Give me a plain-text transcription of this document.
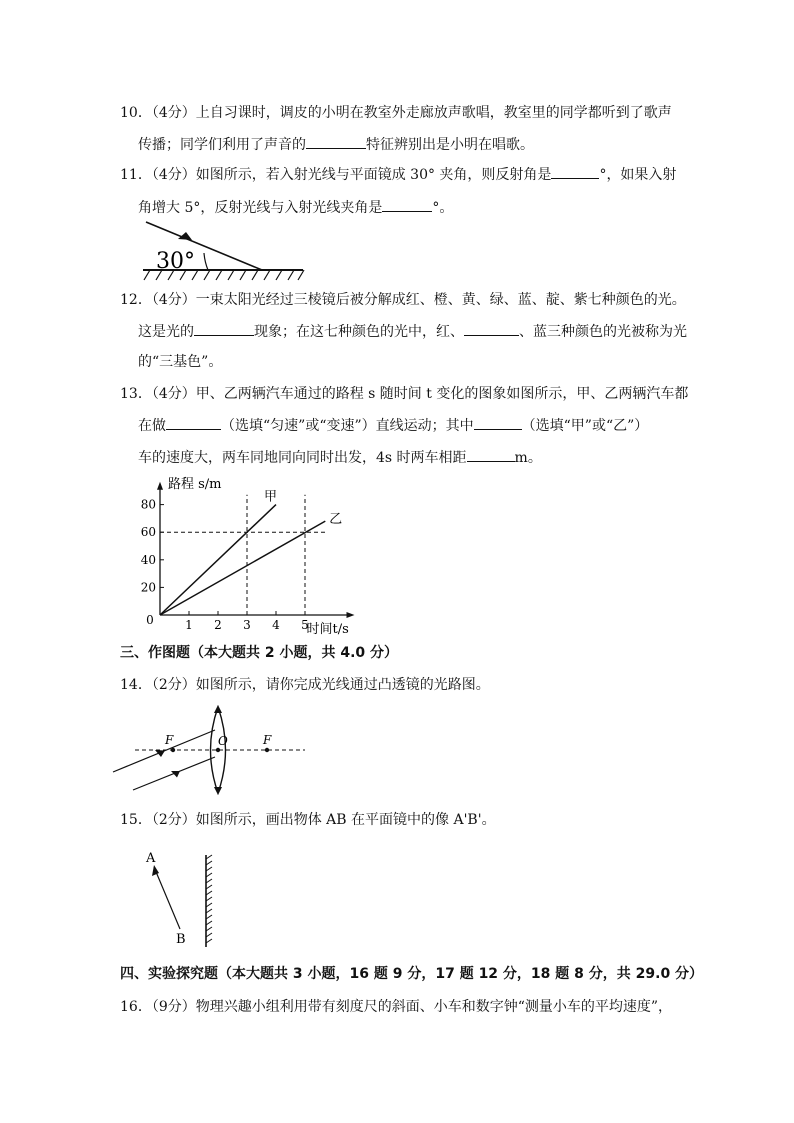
10．（4分）上自习课时，调皮的小明在教室外走廊放声歌唱，教室里的同学都听到了歌声
传播；同学们利用了声音的	特征辨别出是小明在唱歌。
11．（4分）如图所示，若入射光线与平面镜成 30° 夹角，则反射角是	°，如果入射
角增大 5°，反射光线与入射光线夹角是	°。
30°
12．（4分）一束太阳光经过三棱镜后被分解成红、橙、黄、绿、蓝、靛、紫七种颜色的光。
这是光的	现象；在这七种颜色的光中，红、	、蓝三种颜色的光被称为光
的“三基色”。
13．（4分）甲、乙两辆汽车通过的路程 s 随时间 t 变化的图象如图所示，甲、乙两辆汽车都
在做	（选填“匀速”或“变速”）直线运动；其中	（选填“甲”或“乙”）
车的速度大，两车同地同向同时出发，4s 时两车相距	m。
1 2 3 4 5
20
40
60
80	甲
乙
路程 s/m
时间t/s
0
三、作图题（本大题共 2 小题，共 4.0 分）
14．（2分）如图所示，请你完成光线通过凸透镜的光路图。
F	O	F
15．（2分）如图所示，画出物体 AB 在平面镜中的像 A'B'。
A
B
四、实验探究题（本大题共 3 小题，16 题 9 分，17 题 12 分，18 题 8 分，共 29.0 分）
16．（9分）物理兴趣小组利用带有刻度尺的斜面、小车和数字钟“测量小车的平均速度”，
